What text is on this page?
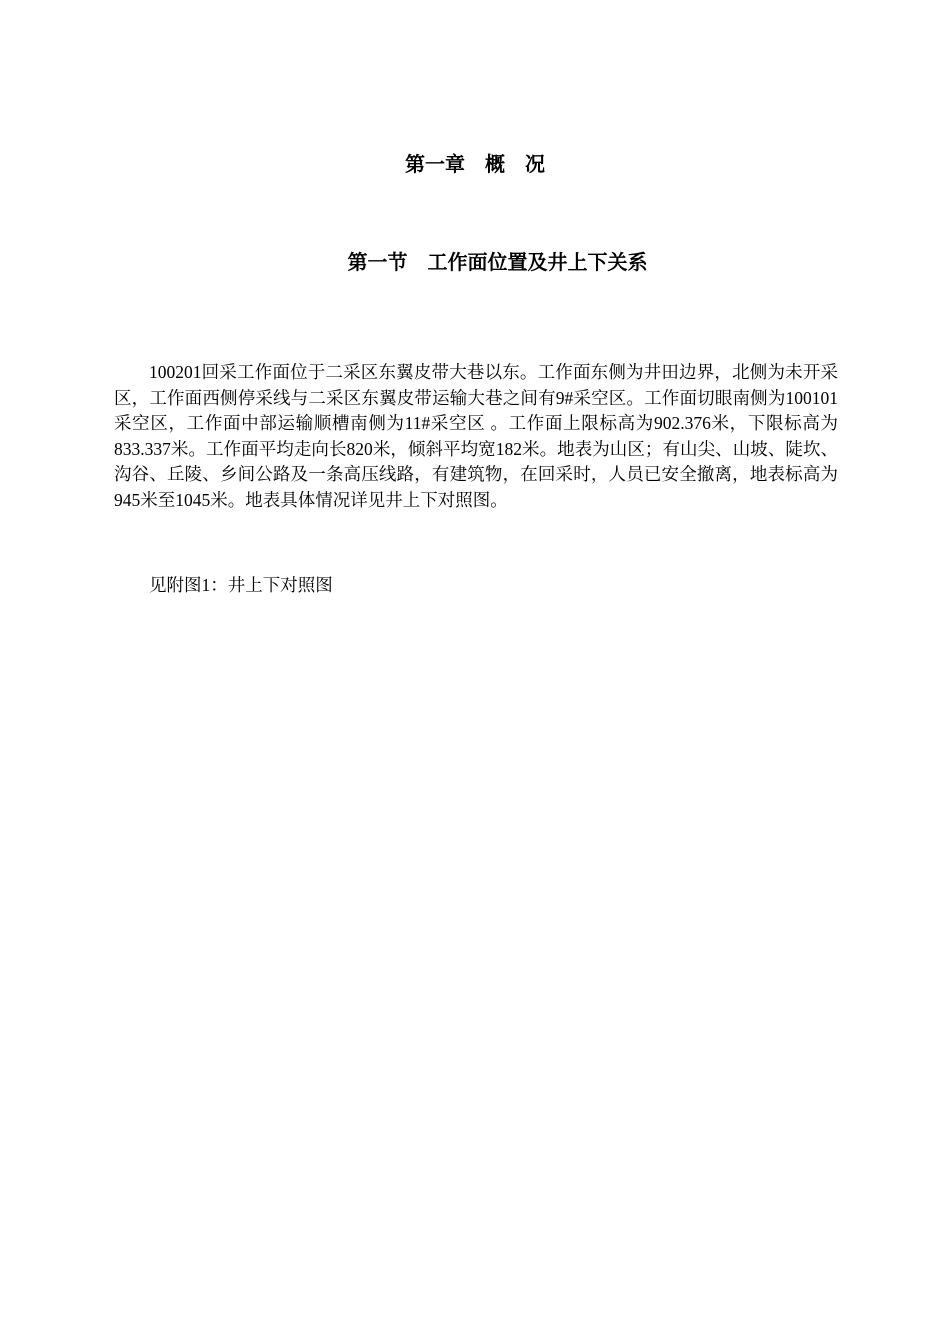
第一章　概　况
第一节　工作面位置及井上下关系

100201回采工作面位于二采区东翼皮带大巷以东。工作面东侧为井田边界，北侧为未开采区，工作面西侧停采线与二采区东翼皮带运输大巷之间有9#采空区。工作面切眼南侧为100101采空区，工作面中部运输顺槽南侧为11#采空区 。工作面上限标高为902.376米，下限标高为833.337米。工作面平均走向长820米，倾斜平均宽182米。地表为山区；有山尖、山坡、陡坎、沟谷、丘陵、乡间公路及一条高压线路，有建筑物，在回采时，人员已安全撤离，地表标高为945米至1045米。地表具体情况详见井上下对照图。

见附图1：井上下对照图
